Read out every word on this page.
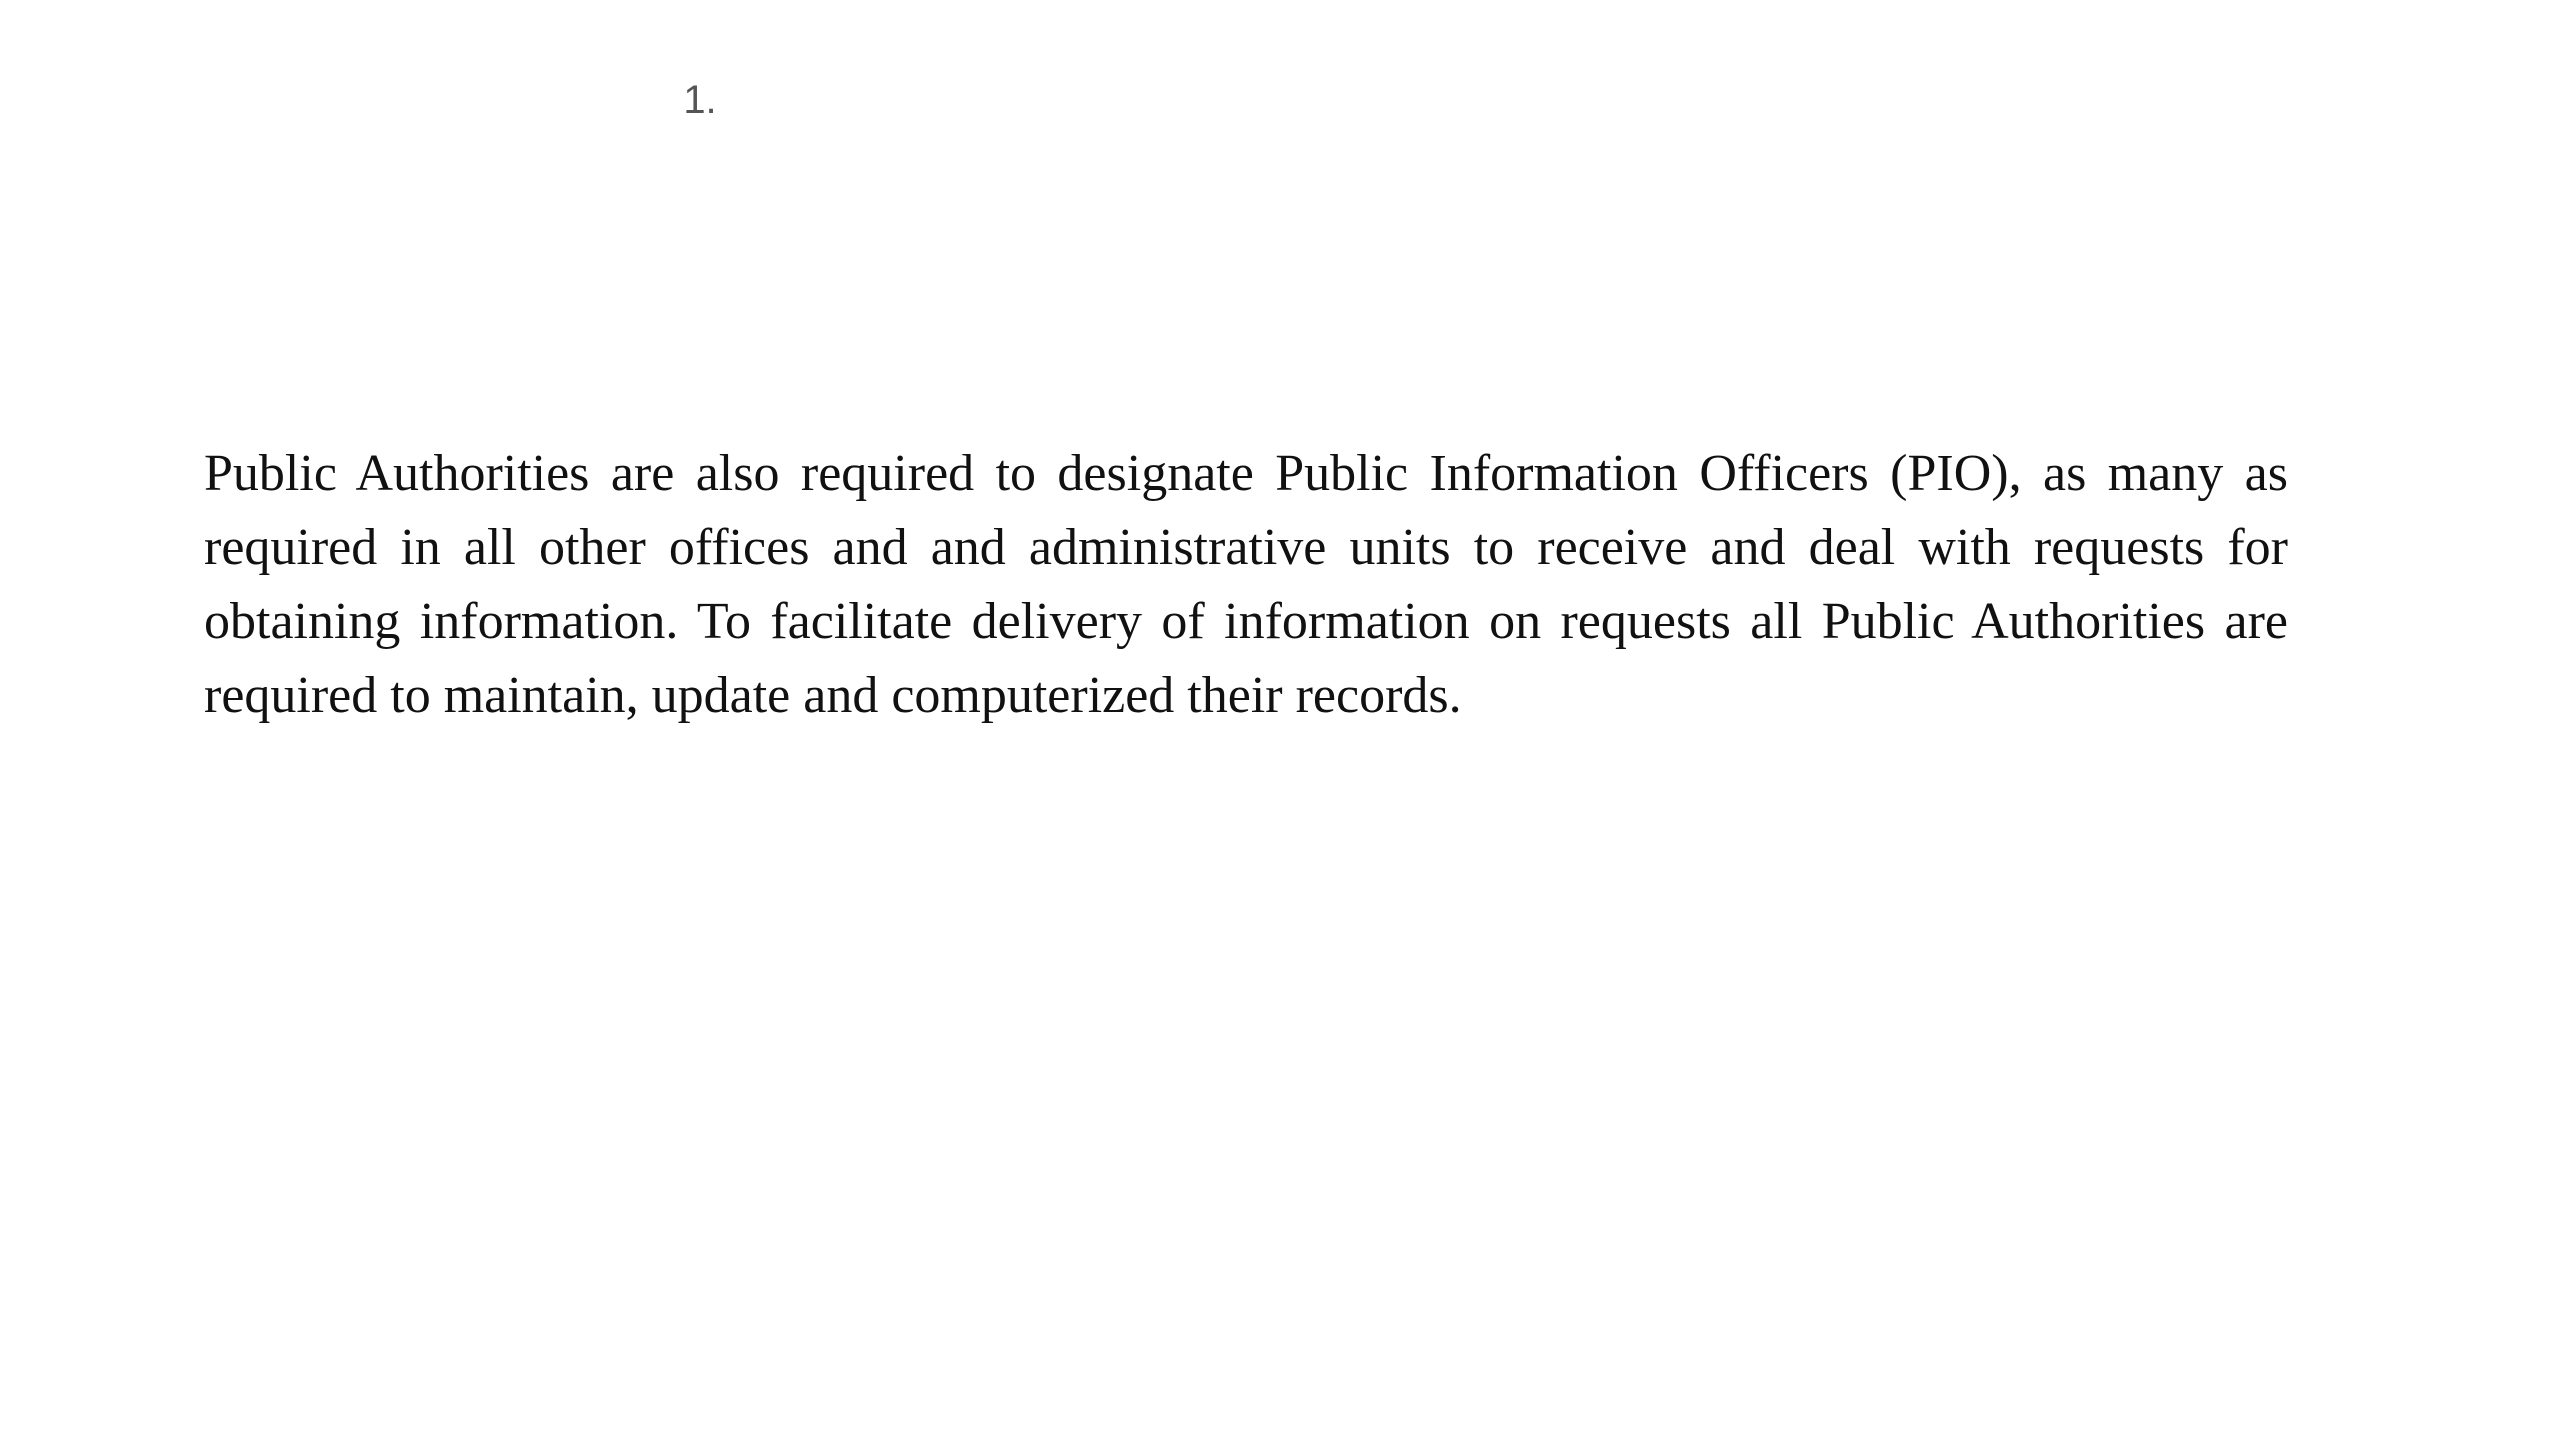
1.

Public Authorities are also required to designate Public Information Officers (PIO), as many as required in all other offices and and administrative units to receive and deal with requests for obtaining information. To facilitate delivery of information on requests all Public Authorities are required to maintain, update and computerized their records.
